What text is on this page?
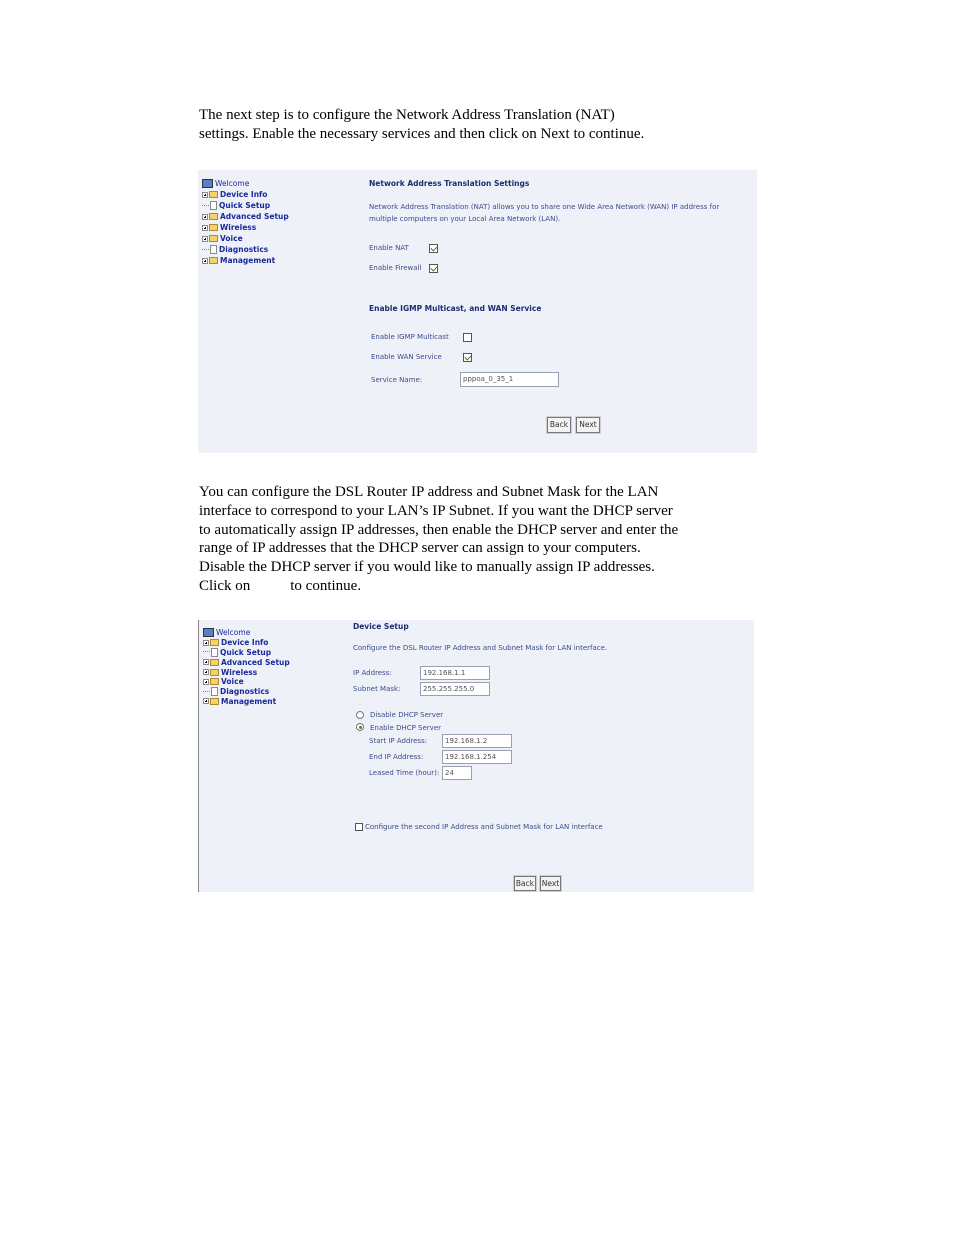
The next step is to configure the Network Address Translation (NAT)
settings. Enable the necessary services and then click on Next to continue.
Welcome
Device Info
Quick Setup
Advanced Setup
Wireless
Voice
Diagnostics
Management
Network Address Translation Settings
Network Address Translation (NAT) allows you to share one Wide Area Network (WAN) IP address for
multiple computers on your Local Area Network (LAN).
Enable NAT
Enable Firewall
Enable IGMP Multicast, and WAN Service
Enable IGMP Multicast
Enable WAN Service
Service Name:	pppoa_0_35_1
Back	Next
You can configure the DSL Router IP address and Subnet Mask for the LAN
interface to correspond to your LAN’s IP Subnet. If you want the DHCP server
to automatically assign IP addresses, then enable the DHCP server and enter the
range of IP addresses that the DHCP server can assign to your computers.
Disable the DHCP server if you would like to manually assign IP addresses.
Click on	to continue.
Welcome
Device Info
Quick Setup
Advanced Setup
Wireless
Voice
Diagnostics
Management
Device Setup
Configure the DSL Router IP Address and Subnet Mask for LAN interface.
IP Address:	192.168.1.1
Subnet Mask:	255.255.255.0
Disable DHCP Server
Enable DHCP Server
Start IP Address:	192.168.1.2
End IP Address:	192.168.1.254
Leased Time (hour): 24
Configure the second IP Address and Subnet Mask for LAN interface
Back Next
